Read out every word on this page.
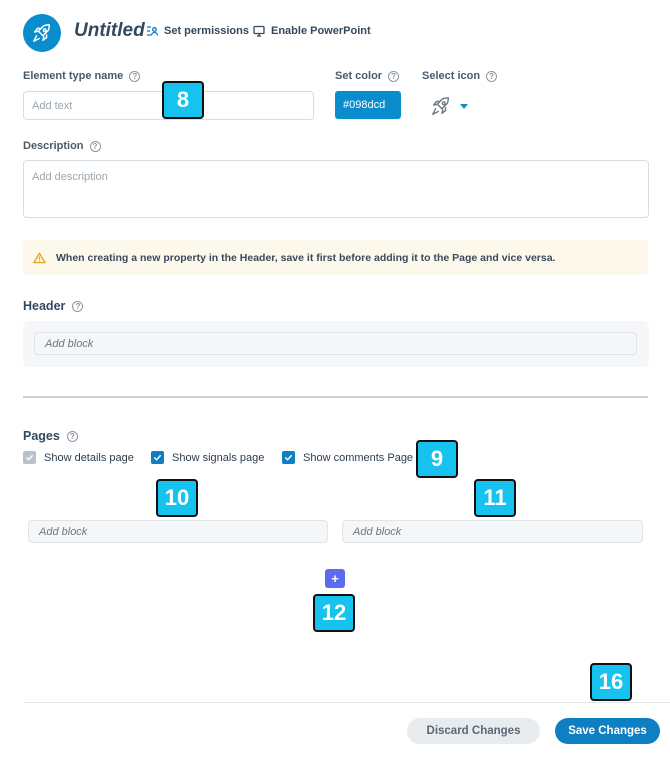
Untitled Set permissions Enable PowerPoint
Element type name	?
Add text
Set color	?
#098dcd
Select icon	?
Description	?
Add description
When creating a new property in the Header, save it first before adding it to the Page and vice versa.
Header	?
Add block
Pages	?
Show details page	Show signals page	Show comments Page
Add block	Add block
+
8
9
10	11
12
16
Discard Changes	Save Changes
